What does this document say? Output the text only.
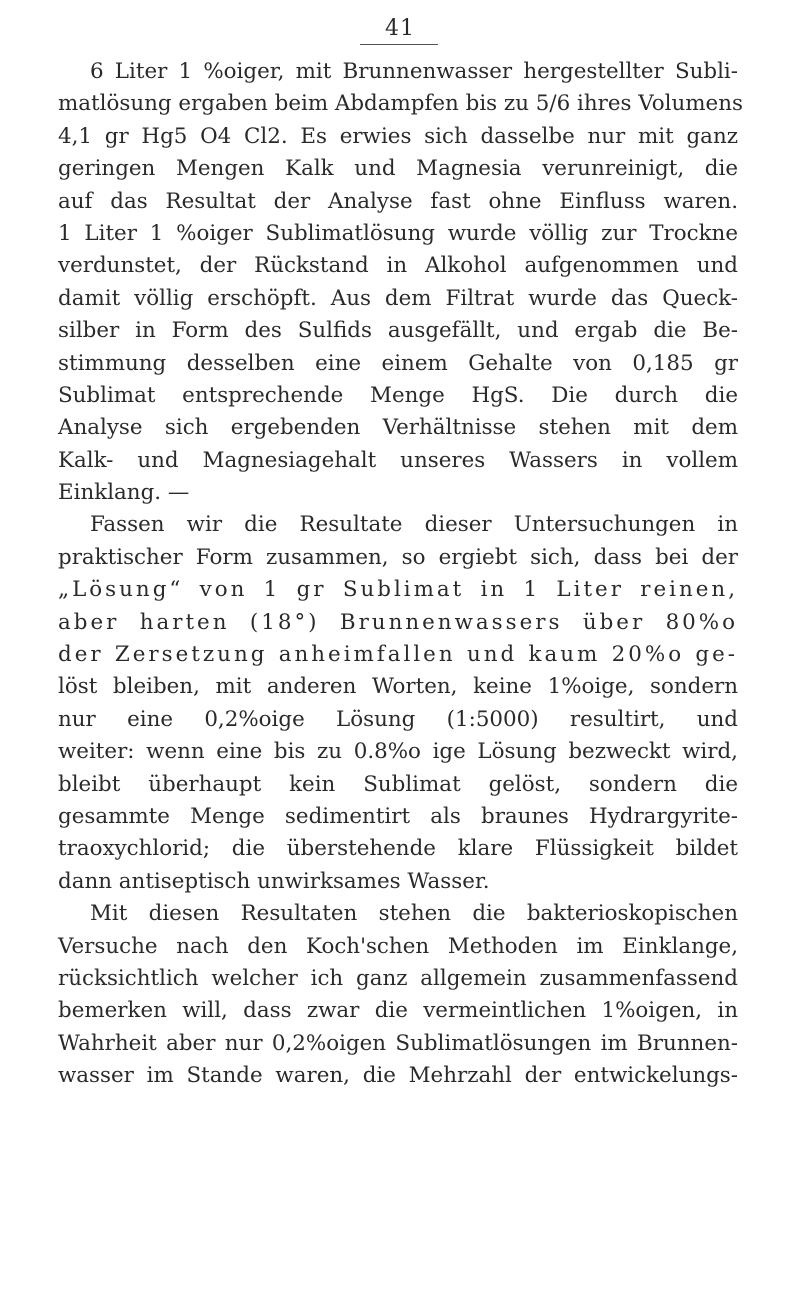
41
6 Liter 1 %oiger, mit Brunnenwasser hergestellter Subli-
matlösung ergaben beim Abdampfen bis zu 5/6 ihres Volumens
4,1 gr Hg5 O4 Cl2. Es erwies sich dasselbe nur mit ganz
geringen Mengen Kalk und Magnesia verunreinigt, die
auf das Resultat der Analyse fast ohne Einfluss waren.
1 Liter 1 %oiger Sublimatlösung wurde völlig zur Trockne
verdunstet, der Rückstand in Alkohol aufgenommen und
damit völlig erschöpft. Aus dem Filtrat wurde das Queck-
silber in Form des Sulfids ausgefällt, und ergab die Be-
stimmung desselben eine einem Gehalte von 0,185 gr
Sublimat entsprechende Menge HgS. Die durch die
Analyse sich ergebenden Verhältnisse stehen mit dem
Kalk- und Magnesiagehalt unseres Wassers in vollem
Einklang. —
Fassen wir die Resultate dieser Untersuchungen in
praktischer Form zusammen, so ergiebt sich, dass bei der
„Lösung“ von 1 gr Sublimat in 1 Liter reinen,
aber harten (18°) Brunnenwassers über 80%o
der Zersetzung anheimfallen und kaum 20%o ge-
löst bleiben, mit anderen Worten, keine 1%oige, sondern
nur eine 0,2%oige Lösung (1:5000) resultirt, und
weiter: wenn eine bis zu 0.8%o ige Lösung bezweckt wird,
bleibt überhaupt kein Sublimat gelöst, sondern die
gesammte Menge sedimentirt als braunes Hydrargyrite-
traoxychlorid; die überstehende klare Flüssigkeit bildet
dann antiseptisch unwirksames Wasser.
Mit diesen Resultaten stehen die bakterioskopischen
Versuche nach den Koch'schen Methoden im Einklange,
rücksichtlich welcher ich ganz allgemein zusammenfassend
bemerken will, dass zwar die vermeintlichen 1%oigen, in
Wahrheit aber nur 0,2%oigen Sublimatlösungen im Brunnen-
wasser im Stande waren, die Mehrzahl der entwickelungs-
